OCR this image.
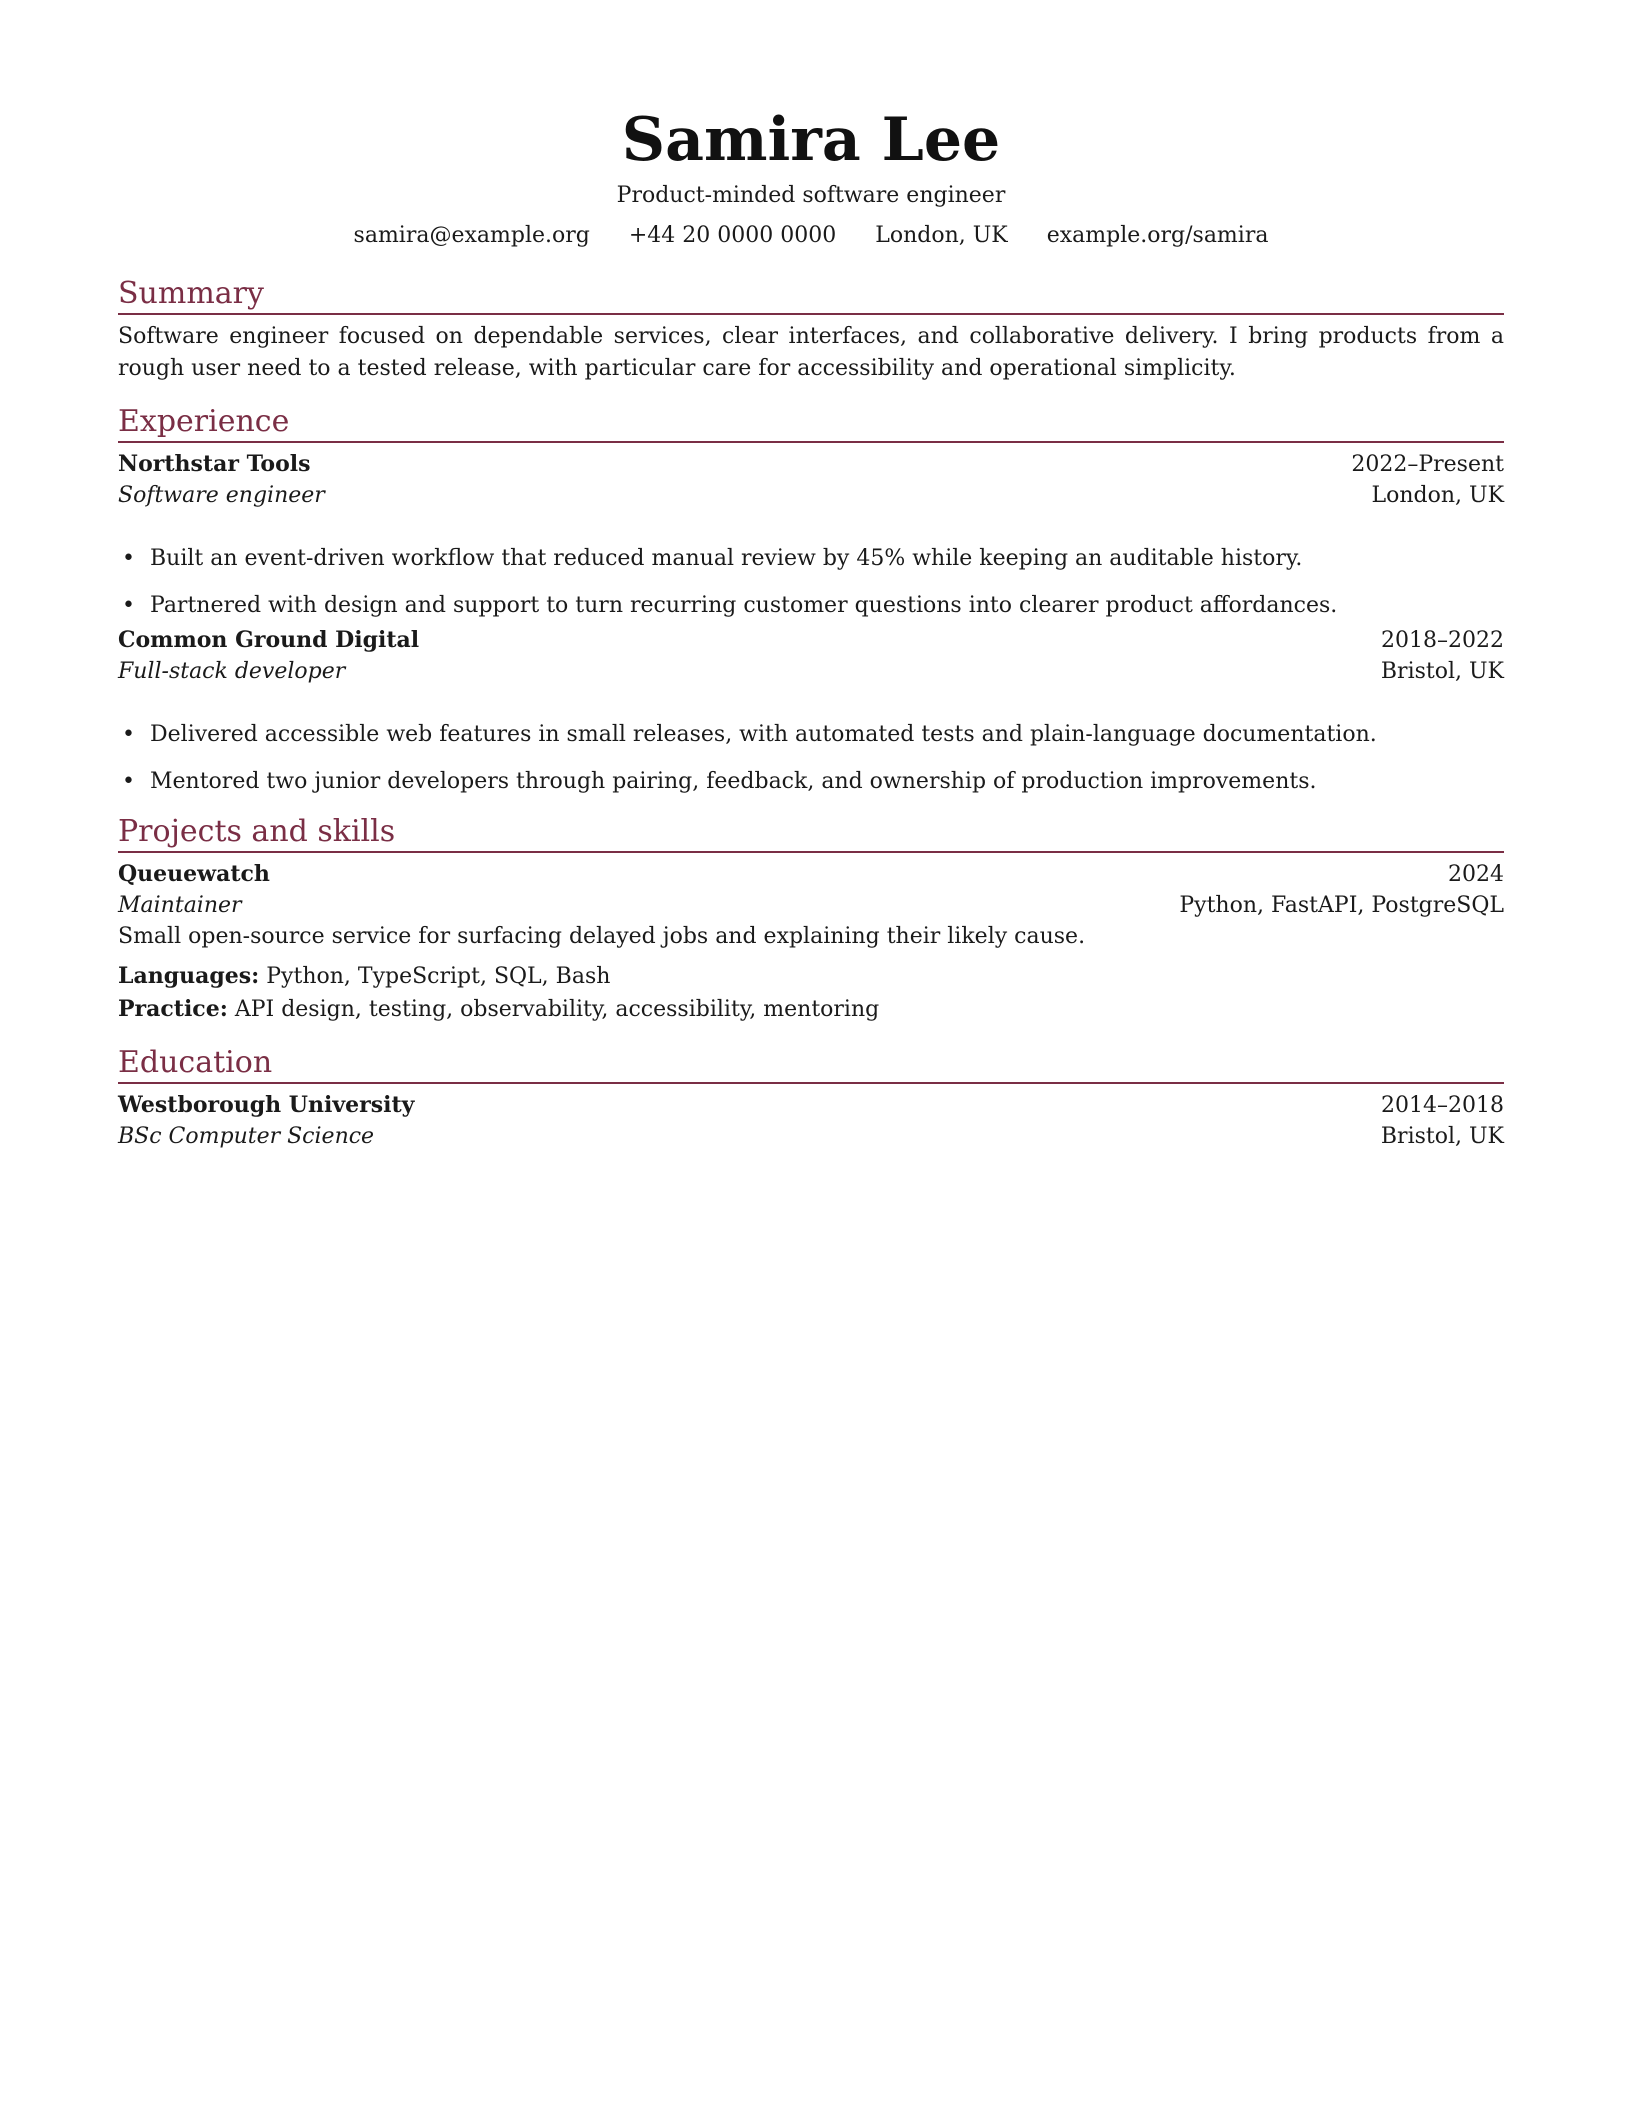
Samira Lee
Product-minded software engineer
samira@example.org +44 20 0000 0000 London, UK example.org/samira
Summary
Software engineer focused on dependable services, clear interfaces, and collaborative delivery. I bring products from a rough user need to a tested release, with particular care for accessibility and operational simplicity.
Experience
Northstar Tools	2022–Present
Software engineer	London, UK
• Built an event-driven workflow that reduced manual review by 45% while keeping an auditable history.
• Partnered with design and support to turn recurring customer questions into clearer product affordances.
Common Ground Digital	2018–2022
Full-stack developer	Bristol, UK
• Delivered accessible web features in small releases, with automated tests and plain-language documentation.
• Mentored two junior developers through pairing, feedback, and ownership of production improvements.
Projects and skills
Queuewatch	2024
Maintainer	Python, FastAPI, PostgreSQL
Small open-source service for surfacing delayed jobs and explaining their likely cause.
Languages: Python, TypeScript, SQL, Bash
Practice: API design, testing, observability, accessibility, mentoring
Education
Westborough University	2014–2018
BSc Computer Science	Bristol, UK
